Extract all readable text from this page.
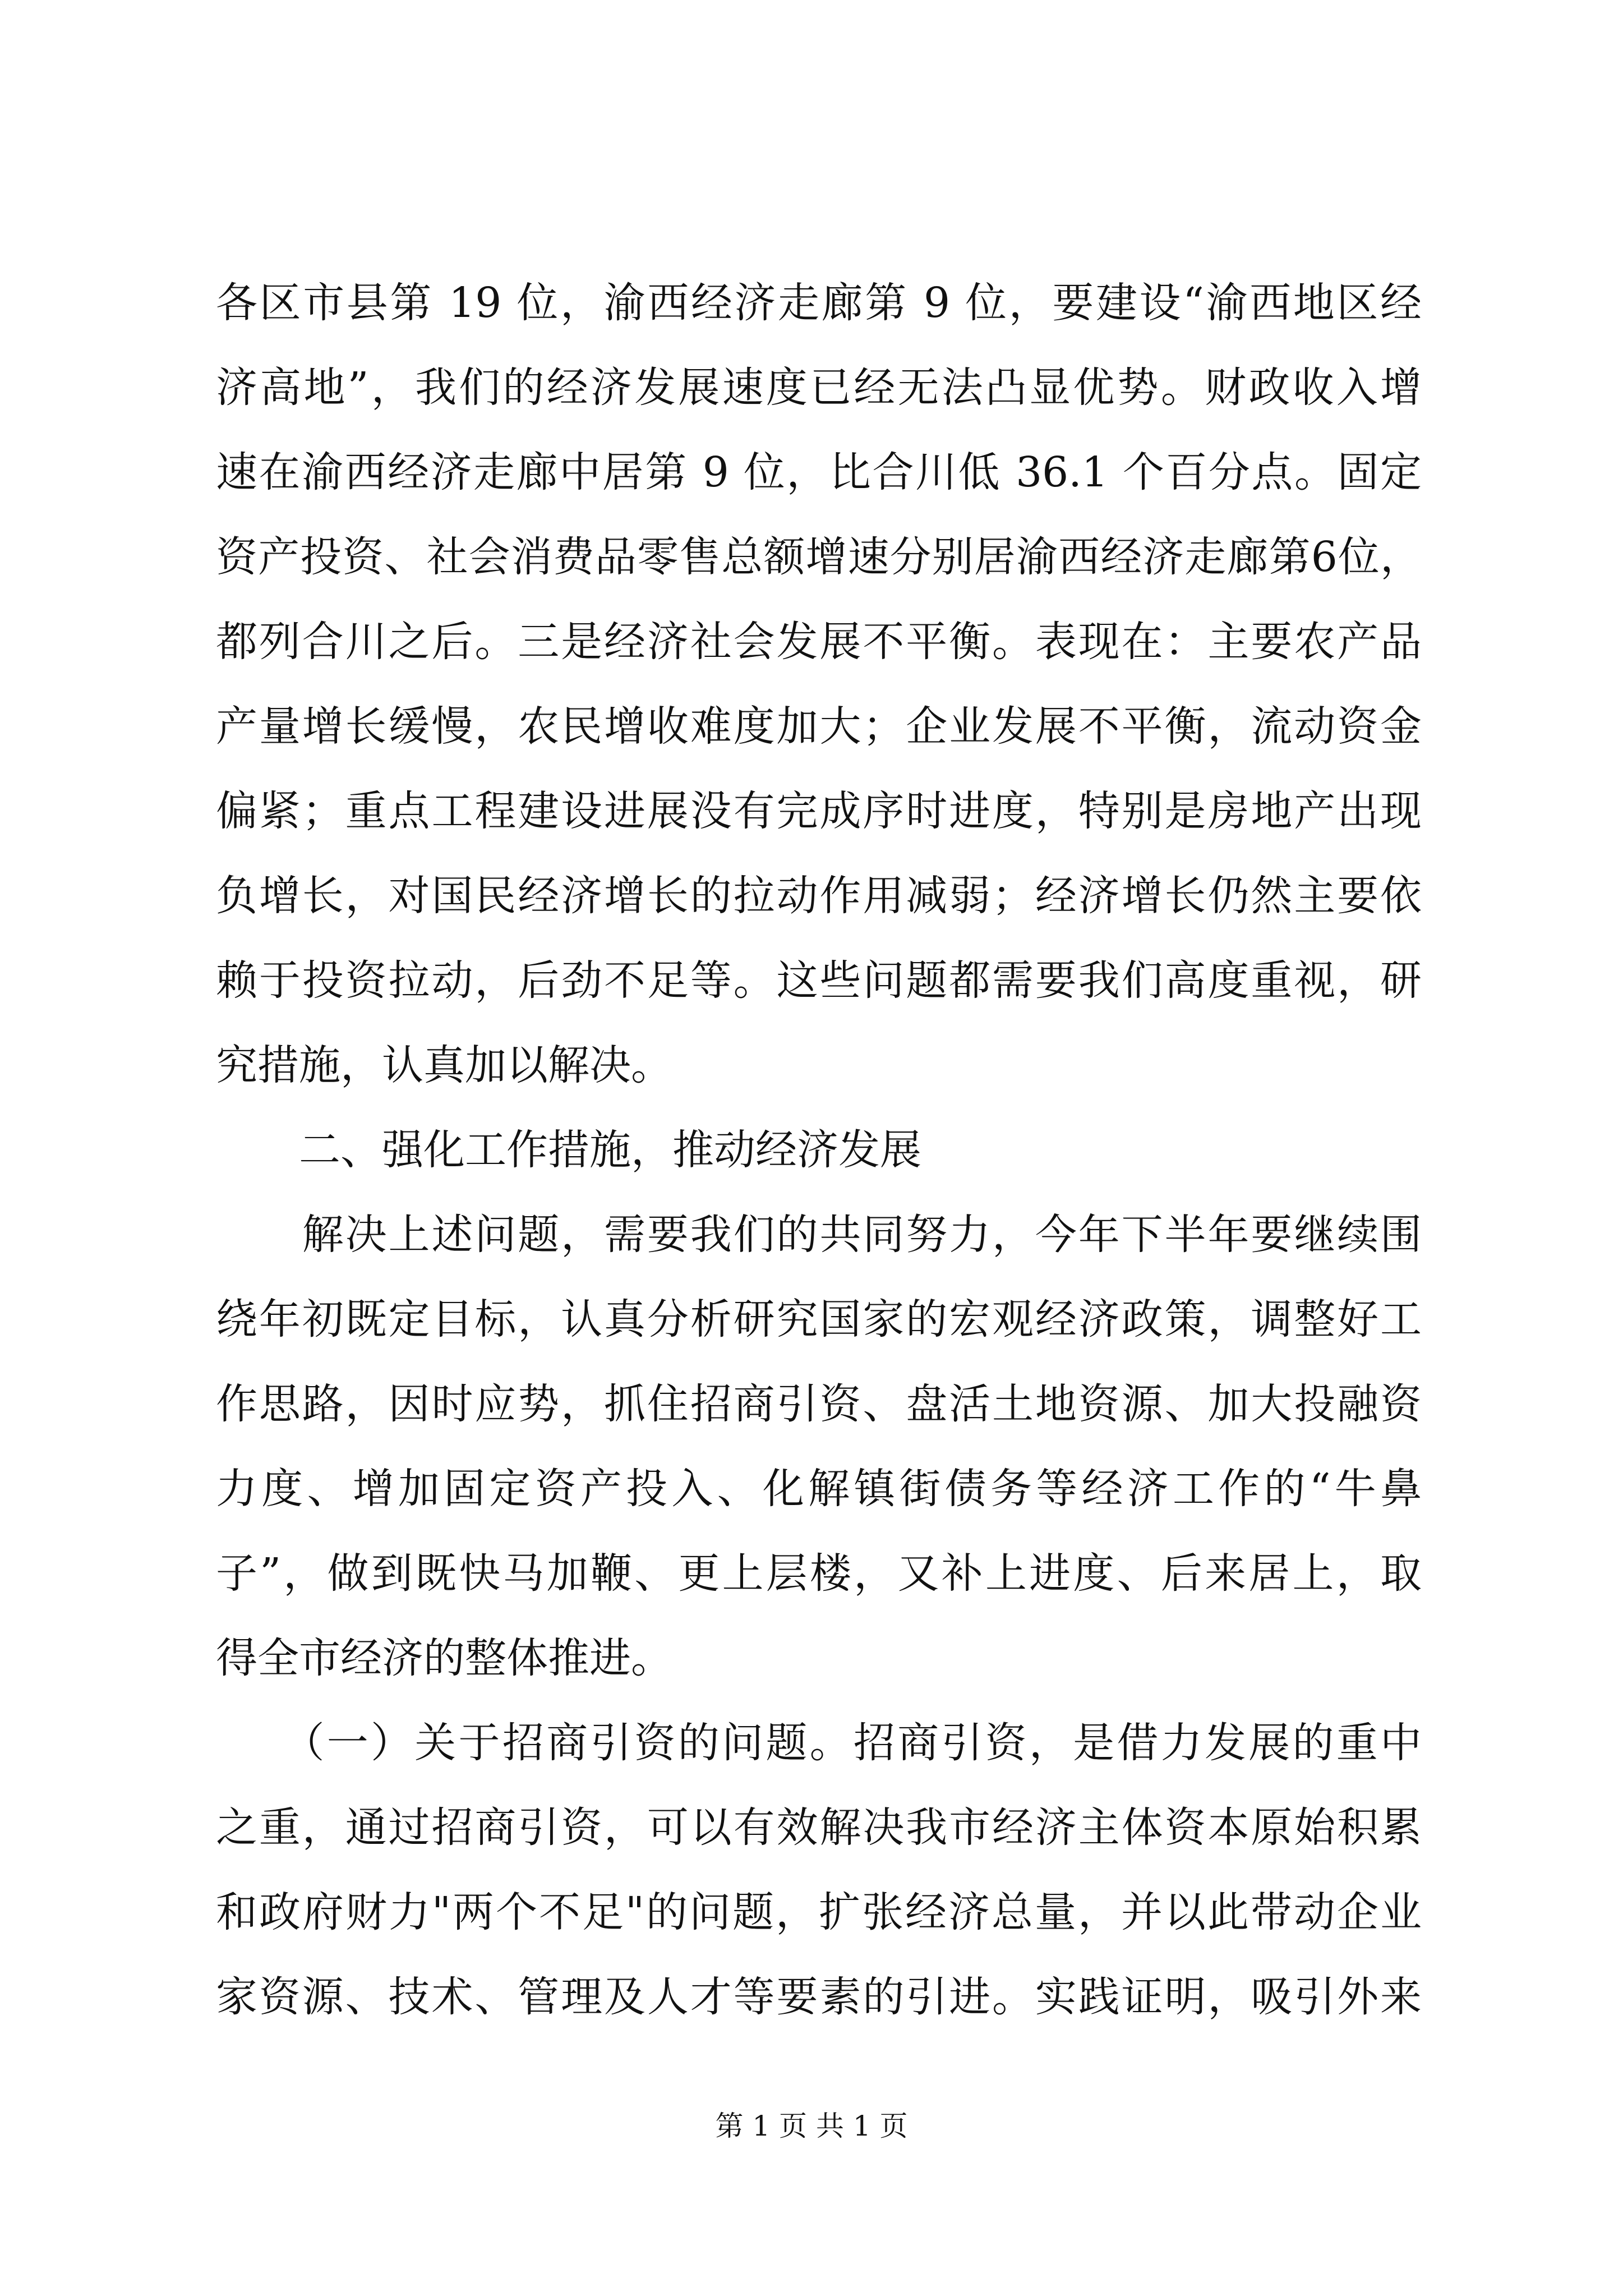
各区市县第 19 位，渝西经济走廊第 9 位，要建设“渝西地区经
济高地”，我们的经济发展速度已经无法凸显优势。财政收入增
速在渝西经济走廊中居第 9 位，比合川低 36.1 个百分点。固定
资产投资、社会消费品零售总额增速分别居渝西经济走廊第6位，
都列合川之后。三是经济社会发展不平衡。表现在：主要农产品
产量增长缓慢，农民增收难度加大；企业发展不平衡，流动资金
偏紧；重点工程建设进展没有完成序时进度，特别是房地产出现
负增长，对国民经济增长的拉动作用减弱；经济增长仍然主要依
赖于投资拉动，后劲不足等。这些问题都需要我们高度重视，研
究措施，认真加以解决。
　　二、强化工作措施，推动经济发展
　　解决上述问题，需要我们的共同努力，今年下半年要继续围
绕年初既定目标，认真分析研究国家的宏观经济政策，调整好工
作思路，因时应势，抓住招商引资、盘活土地资源、加大投融资
力度、增加固定资产投入、化解镇街债务等经济工作的“牛鼻
子”，做到既快马加鞭、更上层楼，又补上进度、后来居上，取
得全市经济的整体推进。
　　（一）关于招商引资的问题。招商引资，是借力发展的重中
之重，通过招商引资，可以有效解决我市经济主体资本原始积累
和政府财力"两个不足"的问题，扩张经济总量，并以此带动企业
家资源、技术、管理及人才等要素的引进。实践证明，吸引外来
第 1 页 共 1 页
